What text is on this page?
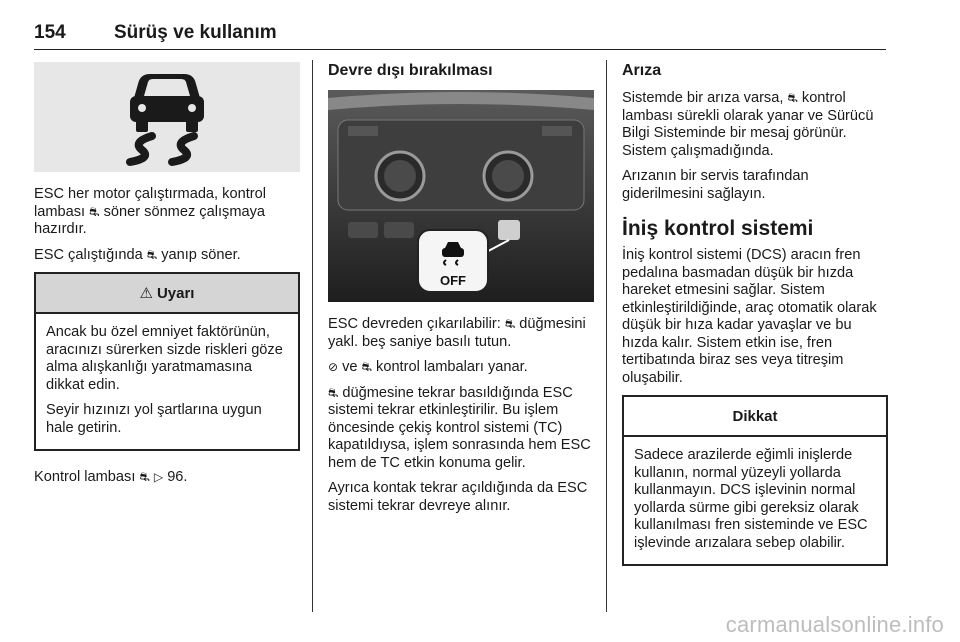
154	Sürüş ve kullanım

ESC her motor çalıştırmada, kontrol lambası ⛐ söner sönmez çalışmaya hazırdır.

ESC çalıştığında ⛐ yanıp söner.

⚠ Uyarı

Ancak bu özel emniyet faktörünün, aracınızı sürerken sizde riskleri göze alma alışkanlığı yaratmamasına dikkat edin.

Seyir hızınızı yol şartlarına uygun hale getirin.

Kontrol lambası ⛐ ▷ 96.

Devre dışı bırakılması
OFF

ESC devreden çıkarılabilir: ⛐ düğmesini yakl. beş saniye basılı tutun.

⊘ ve ⛐ kontrol lambaları yanar.

⛐ düğmesine tekrar basıldığında ESC sistemi tekrar etkinleştirilir. Bu işlem öncesinde çekiş kontrol sistemi (TC) kapatıldıysa, işlem sonrasında hem ESC hem de TC etkin konuma gelir.

Ayrıca kontak tekrar açıldığında da ESC sistemi tekrar devreye alınır.

Arıza

Sistemde bir arıza varsa, ⛐ kontrol lambası sürekli olarak yanar ve Sürücü Bilgi Sisteminde bir mesaj görünür. Sistem çalışmadığında.

Arızanın bir servis tarafından giderilmesini sağlayın.

İniş kontrol sistemi

İniş kontrol sistemi (DCS) aracın fren pedalına basmadan düşük bir hızda hareket etmesini sağlar. Sistem etkinleştirildiğinde, araç otomatik olarak düşük bir hıza kadar yavaşlar ve bu hızda kalır. Sistem etkin ise, fren tertibatında biraz ses veya titreşim oluşabilir.

Dikkat

Sadece arazilerde eğimli inişlerde kullanın, normal yüzeyli yollarda kullanmayın. DCS işlevinin normal yollarda sürme gibi gereksiz olarak kullanılması fren sisteminde ve ESC işlevinde arızalara sebep olabilir.

carmanualsonline.info
